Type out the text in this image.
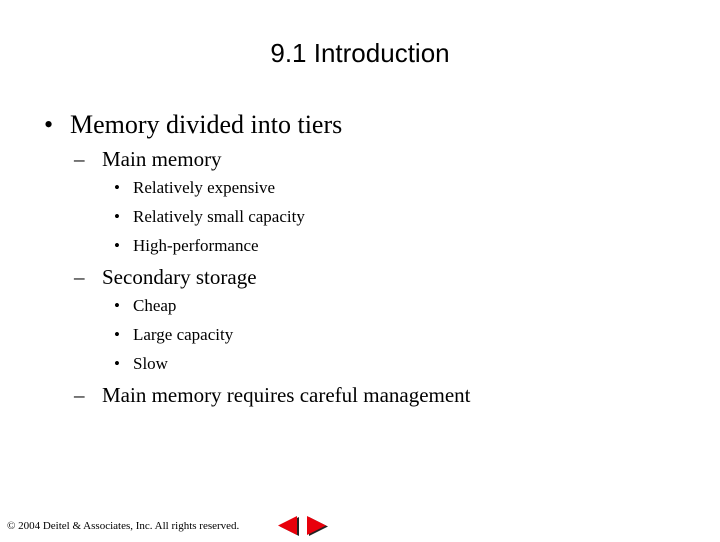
9.1 Introduction
• Memory divided into tiers
– Main memory
• Relatively expensive
• Relatively small capacity
• High-performance
– Secondary storage
• Cheap
• Large capacity
• Slow
– Main memory requires careful management
© 2004 Deitel & Associates, Inc. All rights reserved.
